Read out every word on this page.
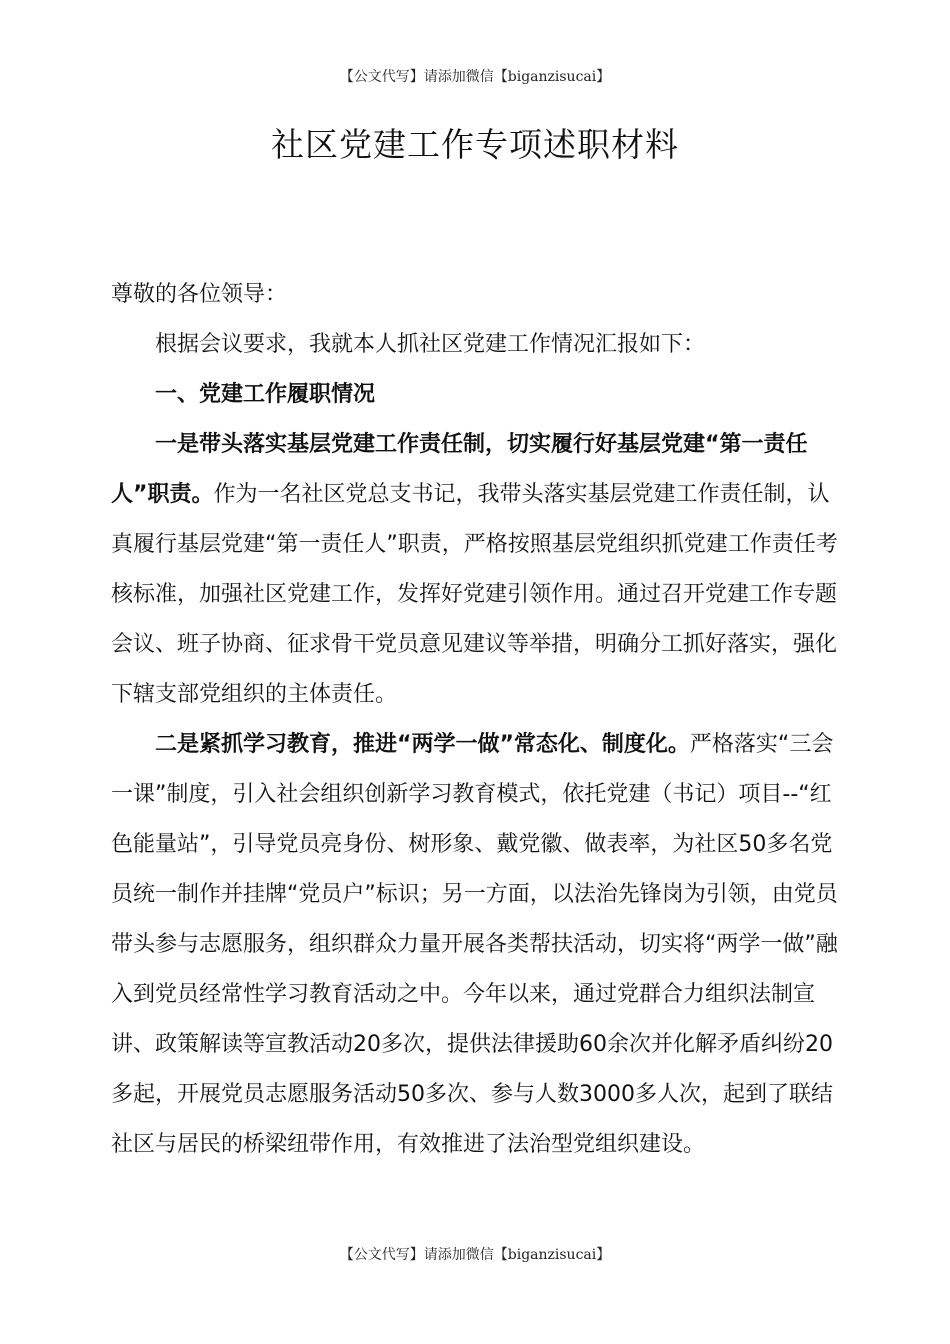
【公文代写】请添加微信【biganzisucai】
社区党建工作专项述职材料

尊敬的各位领导：

根据会议要求，我就本人抓社区党建工作情况汇报如下：

一、党建工作履职情况

一是带头落实基层党建工作责任制，切实履行好基层党建“第一责任人”职责。作为一名社区党总支书记，我带头落实基层党建工作责任制，认真履行基层党建“第一责任人”职责，严格按照基层党组织抓党建工作责任考核标准，加强社区党建工作，发挥好党建引领作用。通过召开党建工作专题会议、班子协商、征求骨干党员意见建议等举措，明确分工抓好落实，强化下辖支部党组织的主体责任。

二是紧抓学习教育，推进“两学一做”常态化、制度化。严格落实“三会一课”制度，引入社会组织创新学习教育模式，依托党建（书记）项目--“红色能量站”，引导党员亮身份、树形象、戴党徽、做表率，为社区50多名党员统一制作并挂牌“党员户”标识；另一方面，以法治先锋岗为引领，由党员带头参与志愿服务，组织群众力量开展各类帮扶活动，切实将“两学一做”融入到党员经常性学习教育活动之中。今年以来，通过党群合力组织法制宣讲、政策解读等宣教活动20多次，提供法律援助60余次并化解矛盾纠纷20多起，开展党员志愿服务活动50多次、参与人数3000多人次，起到了联结社区与居民的桥梁纽带作用，有效推进了法治型党组织建设。

【公文代写】请添加微信【biganzisucai】
